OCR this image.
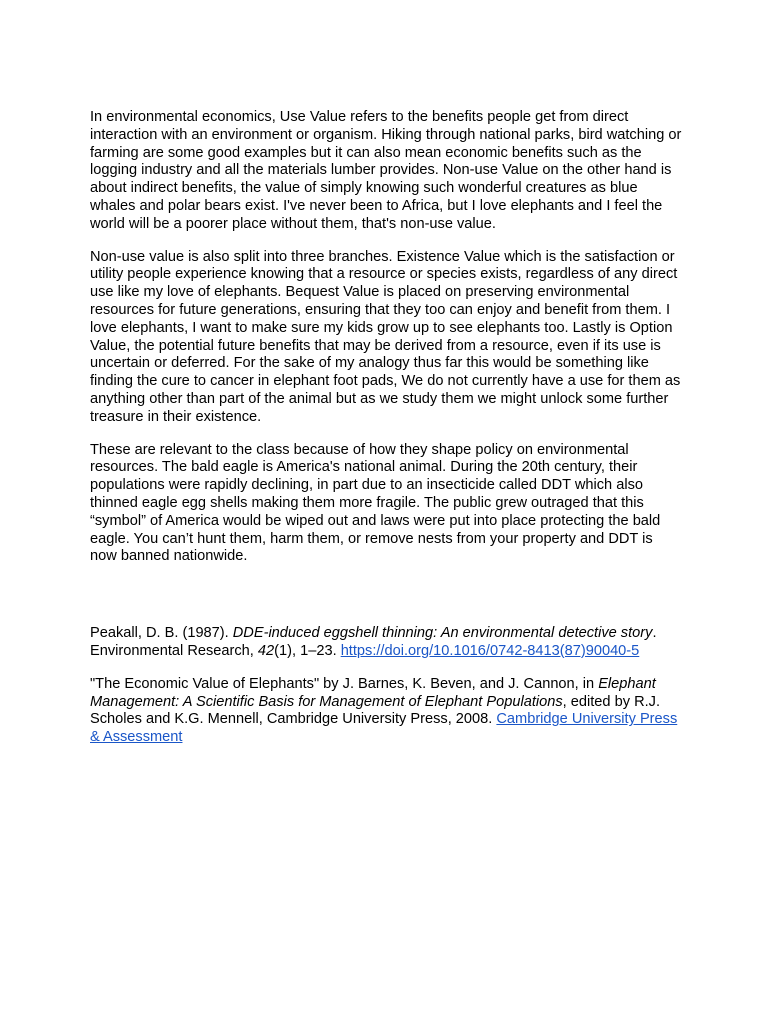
In environmental economics, Use Value refers to the benefits people get from direct interaction with an environment or organism. Hiking through national parks, bird watching or farming are some good examples but it can also mean economic benefits such as the logging industry and all the materials lumber provides. Non-use Value on the other hand is about indirect benefits, the value of simply knowing such wonderful creatures as blue whales and polar bears exist. I've never been to Africa, but I love elephants and I feel the world will be a poorer place without them, that's non-use value.

Non-use value is also split into three branches. Existence Value which is the satisfaction or utility people experience knowing that a resource or species exists, regardless of any direct use like my love of elephants. Bequest Value is placed on preserving environmental resources for future generations, ensuring that they too can enjoy and benefit from them. I love elephants, I want to make sure my kids grow up to see elephants too. Lastly is Option Value, the potential future benefits that may be derived from a resource, even if its use is uncertain or deferred. For the sake of my analogy thus far this would be something like finding the cure to cancer in elephant foot pads, We do not currently have a use for them as anything other than part of the animal but as we study them we might unlock some further treasure in their existence.

These are relevant to the class because of how they shape policy on environmental resources. The bald eagle is America's national animal. During the 20th century, their populations were rapidly declining, in part due to an insecticide called DDT which also thinned eagle egg shells making them more fragile. The public grew outraged that this “symbol” of America would be wiped out and laws were put into place protecting the bald eagle. You can’t hunt them, harm them, or remove nests from your property and DDT is now banned nationwide.

Peakall, D. B. (1987). DDE-induced eggshell thinning: An environmental detective story. Environmental Research, 42(1), 1–23. https://doi.org/10.1016/0742-8413(87)90040-5

"The Economic Value of Elephants" by J. Barnes, K. Beven, and J. Cannon, in Elephant Management: A Scientific Basis for Management of Elephant Populations, edited by R.J. Scholes and K.G. Mennell, Cambridge University Press, 2008. Cambridge University Press & Assessment
